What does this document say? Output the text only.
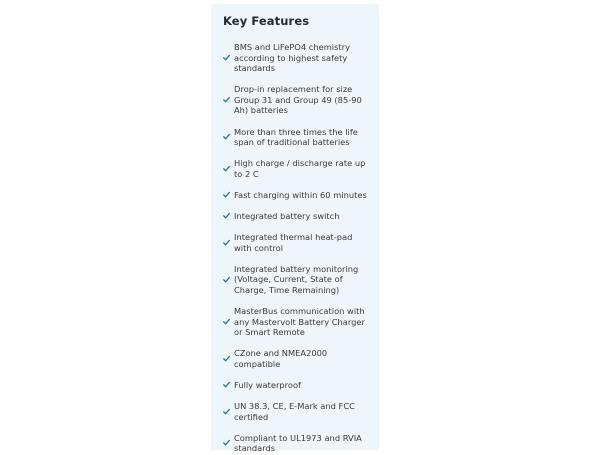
Key Features
BMS and LiFePO4 chemistry according to highest safety standards
Drop-in replacement for size Group 31 and Group 49 (85-90 Ah) batteries
More than three times the life span of traditional batteries
High charge / discharge rate up to 2 C
Fast charging within 60 minutes
Integrated battery switch
Integrated thermal heat-pad with control
Integrated battery monitoring (Voltage, Current, State of Charge, Time Remaining)
MasterBus communication with any Mastervolt Battery Charger or Smart Remote
CZone and NMEA2000 compatible
Fully waterproof
UN 38.3, CE, E-Mark and FCC certified
Compliant to UL1973 and RVIA standards
